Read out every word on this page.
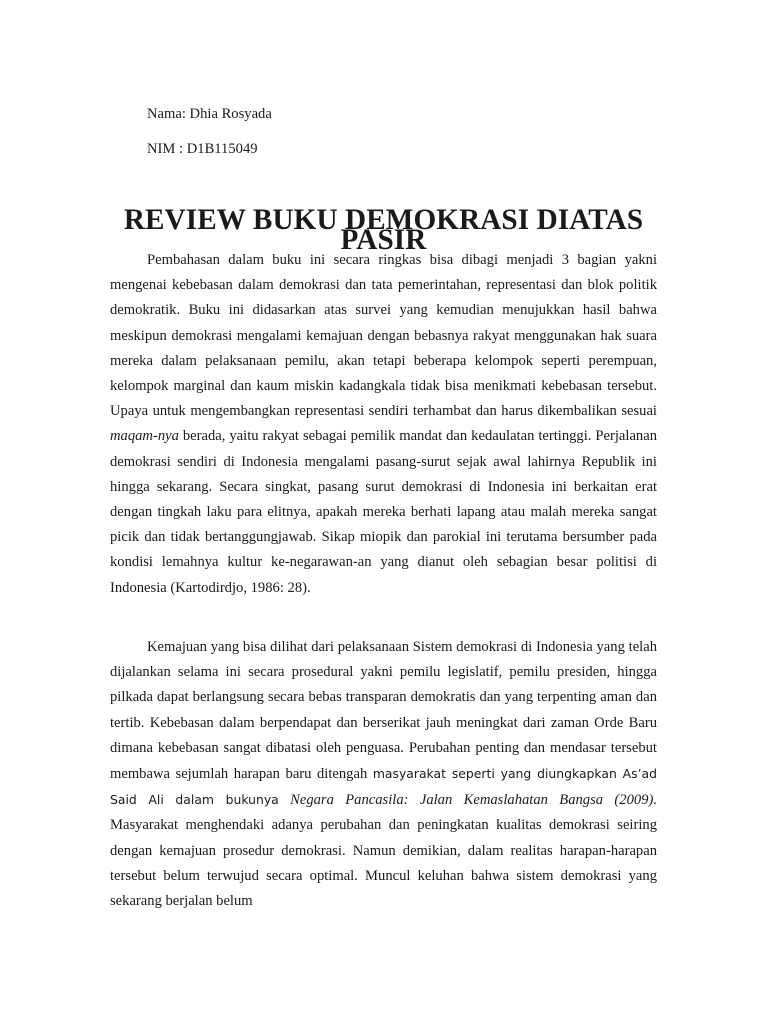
Nama: Dhia Rosyada

NIM : D1B115049

REVIEW BUKU DEMOKRASI DIATAS PASIR

Pembahasan dalam buku ini secara ringkas bisa dibagi menjadi 3 bagian yakni mengenai kebebasan dalam demokrasi dan tata pemerintahan, representasi dan blok politik demokratik. Buku ini didasarkan atas survei yang kemudian menujukkan hasil bahwa meskipun demokrasi mengalami kemajuan dengan bebasnya rakyat menggunakan hak suara mereka dalam pelaksanaan pemilu, akan tetapi beberapa kelompok seperti perempuan, kelompok marginal dan kaum miskin kadangkala tidak bisa menikmati kebebasan tersebut. Upaya untuk mengembangkan representasi sendiri terhambat dan harus dikembalikan sesuai maqam-nya berada, yaitu rakyat sebagai pemilik mandat dan kedaulatan tertinggi. Perjalanan demokrasi sendiri di Indonesia mengalami pasang-surut sejak awal lahirnya Republik ini hingga sekarang. Secara singkat, pasang surut demokrasi di Indonesia ini berkaitan erat dengan tingkah laku para elitnya, apakah mereka berhati lapang atau malah mereka sangat picik dan tidak bertanggungjawab. Sikap miopik dan parokial ini terutama bersumber pada kondisi lemahnya kultur ke-negarawan-an yang dianut oleh sebagian besar politisi di Indonesia (Kartodirdjo, 1986: 28).

Kemajuan yang bisa dilihat dari pelaksanaan Sistem demokrasi di Indonesia yang telah dijalankan selama ini secara prosedural yakni pemilu legislatif, pemilu presiden, hingga pilkada dapat berlangsung secara bebas transparan demokratis dan yang terpenting aman dan tertib. Kebebasan dalam berpendapat dan berserikat jauh meningkat dari zaman Orde Baru dimana kebebasan sangat dibatasi oleh penguasa. Perubahan penting dan mendasar tersebut membawa sejumlah harapan baru ditengah masyarakat seperti yang diungkapkan As’ad Said Ali dalam bukunya Negara Pancasila: Jalan Kemaslahatan Bangsa (2009). Masyarakat menghendaki adanya perubahan dan peningkatan kualitas demokrasi seiring dengan kemajuan prosedur demokrasi. Namun demikian, dalam realitas harapan-harapan tersebut belum terwujud secara optimal. Muncul keluhan bahwa sistem demokrasi yang sekarang berjalan belum
